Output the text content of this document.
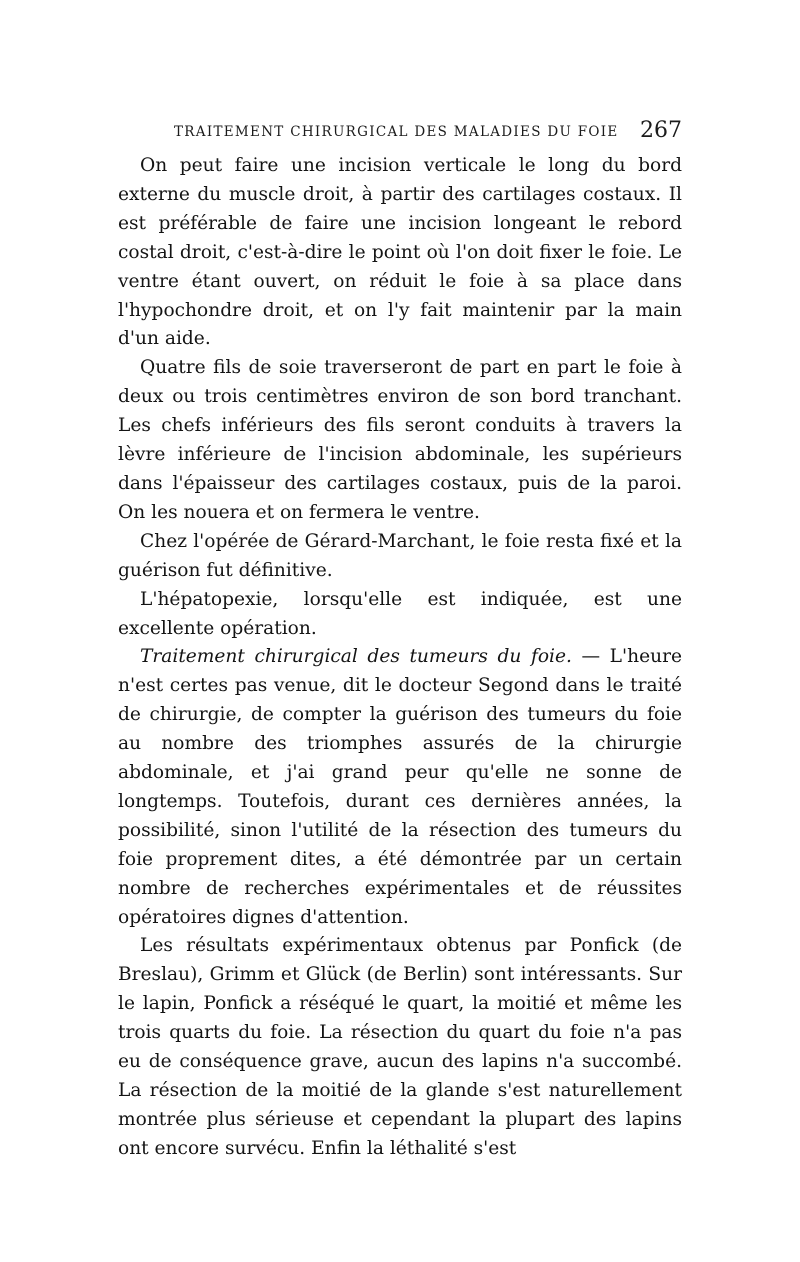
TRAITEMENT CHIRURGICAL DES MALADIES DU FOIE 267

On peut faire une incision verticale le long du bord externe du muscle droit, à partir des cartilages costaux. Il est préférable de faire une incision longeant le rebord costal droit, c'est-à-dire le point où l'on doit fixer le foie. Le ventre étant ouvert, on réduit le foie à sa place dans l'hypochondre droit, et on l'y fait maintenir par la main d'un aide.

Quatre fils de soie traverseront de part en part le foie à deux ou trois centimètres environ de son bord tranchant. Les chefs inférieurs des fils seront conduits à travers la lèvre inférieure de l'incision abdominale, les supérieurs dans l'épaisseur des cartilages costaux, puis de la paroi. On les nouera et on fermera le ventre.

Chez l'opérée de Gérard-Marchant, le foie resta fixé et la guérison fut définitive.

L'hépatopexie, lorsqu'elle est indiquée, est une excellente opération.

Traitement chirurgical des tumeurs du foie. — L'heure n'est certes pas venue, dit le docteur Segond dans le traité de chirurgie, de compter la guérison des tumeurs du foie au nombre des triomphes assurés de la chirurgie abdominale, et j'ai grand peur qu'elle ne sonne de longtemps. Toutefois, durant ces dernières années, la possibilité, sinon l'utilité de la résection des tumeurs du foie proprement dites, a été démontrée par un certain nombre de recherches expérimentales et de réussites opératoires dignes d'attention.

Les résultats expérimentaux obtenus par Ponfick (de Breslau), Grimm et Glück (de Berlin) sont intéressants. Sur le lapin, Ponfick a réséqué le quart, la moitié et même les trois quarts du foie. La résection du quart du foie n'a pas eu de conséquence grave, aucun des lapins n'a succombé. La résection de la moitié de la glande s'est naturellement montrée plus sérieuse et cependant la plupart des lapins ont encore survécu. Enfin la léthalité s'est
